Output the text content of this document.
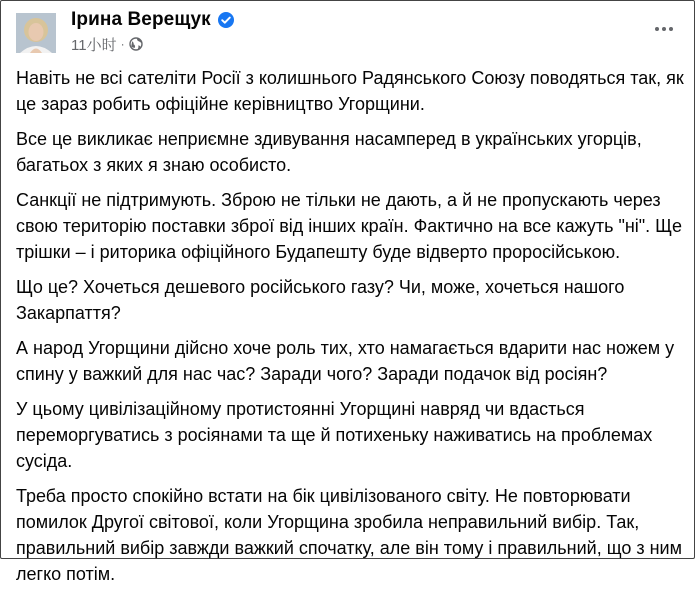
Ірина Верещук
11小时 ·

Навіть не всі сателіти Росії з колишнього Радянського Союзу поводяться так, як це зараз робить офіційне керівництво Угорщини.

Все це викликає неприємне здивування насамперед в українських угорців, багатьох з яких я знаю особисто.

Санкції не підтримують. Зброю не тільки не дають, а й не пропускають через свою територію поставки зброї від інших країн. Фактично на все кажуть "ні". Ще трішки – і риторика офіційного Будапешту буде відверто проросійською.

Що це? Хочеться дешевого російського газу? Чи, може, хочеться нашого Закарпаття?

А народ Угорщини дійсно хоче роль тих, хто намагається вдарити нас ножем у спину у важкий для нас час? Заради чого? Заради подачок від росіян?

У цьому цивілізаційному протистоянні Угорщині навряд чи вдасться переморгуватись з росіянами та ще й потихеньку наживатись на проблемах сусіда.

Треба просто спокійно встати на бік цивілізованого світу. Не повторювати помилок Другої світової, коли Угорщина зробила неправильний вибір. Так, правильний вибір завжди важкий спочатку, але він тому і правильний, що з ним легко потім.
